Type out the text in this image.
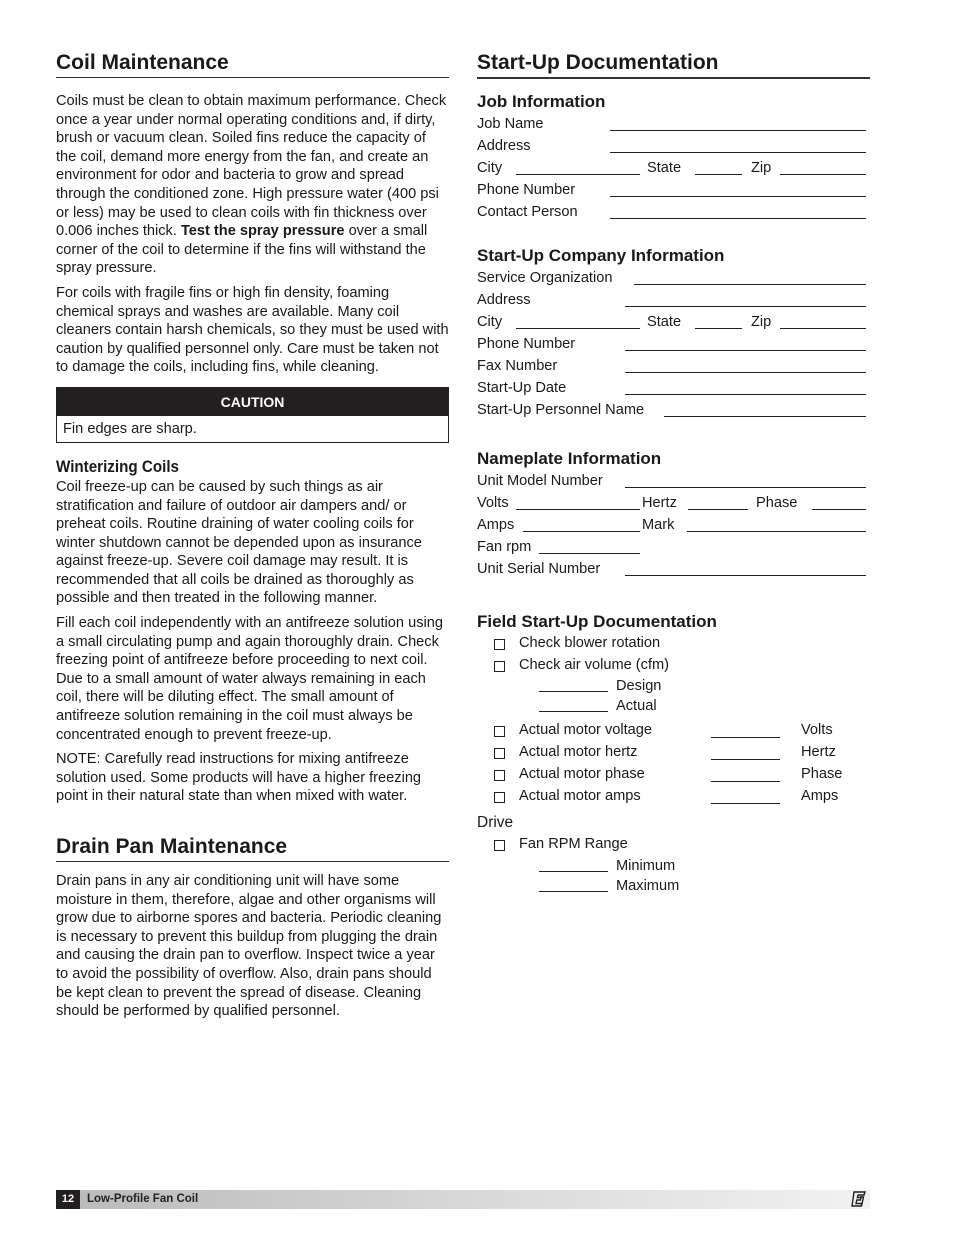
Coil Maintenance

Coils must be clean to obtain maximum performance. Check once a year under normal operating conditions and, if dirty, brush or vacuum clean. Soiled fins reduce the capacity of the coil, demand more energy from the fan, and create an environment for odor and bacteria to grow and spread through the conditioned zone. High pressure water (400 psi or less) may be used to clean coils with fin thickness over 0.006 inches thick. Test the spray pressure over a small corner of the coil to determine if the fins will withstand the spray pressure.

For coils with fragile fins or high fin density, foaming chemical sprays and washes are available. Many coil cleaners contain harsh chemicals, so they must be used with caution by qualified personnel only. Care must be taken not to damage the coils, including fins, while cleaning.

CAUTION
Fin edges are sharp.
Winterizing Coils

Coil freeze-up can be caused by such things as air stratification and failure of outdoor air dampers and/ or preheat coils. Routine draining of water cooling coils for winter shutdown cannot be depended upon as insurance against freeze-up. Severe coil damage may result. It is recommended that all coils be drained as thoroughly as possible and then treated in the following manner.

Fill each coil independently with an antifreeze solution using a small circulating pump and again thoroughly drain. Check freezing point of antifreeze before proceeding to next coil. Due to a small amount of water always remaining in each coil, there will be diluting effect. The small amount of antifreeze solution remaining in the coil must always be concentrated enough to prevent freeze-up.

NOTE: Carefully read instructions for mixing antifreeze solution used. Some products will have a higher freezing point in their natural state than when mixed with water.

Drain Pan Maintenance

Drain pans in any air conditioning unit will have some moisture in them, therefore, algae and other organisms will grow due to airborne spores and bacteria. Periodic cleaning is necessary to prevent this buildup from plugging the drain and causing the drain pan to overflow. Inspect twice a year to avoid the possibility of overflow. Also, drain pans should be kept clean to prevent the spread of disease. Cleaning should be performed by qualified personnel.

Start-Up Documentation
Job Information
Job Name
Address
City	State	Zip
Phone Number
Contact Person
Start-Up Company Information
Service Organization
Address
City	State	Zip
Phone Number
Fax Number
Start-Up Date
Start-Up Personnel Name
Nameplate Information
Unit Model Number
Volts	Hertz	Phase
Amps	Mark
Fan rpm
Unit Serial Number
Field Start-Up Documentation
Check blower rotation
Check air volume (cfm)
Design
Actual
Actual motor voltage	Volts
Actual motor hertz	Hertz
Actual motor phase	Phase
Actual motor amps	Amps
Drive
Fan RPM Range
Minimum
Maximum
12	Low-Profile Fan Coil
